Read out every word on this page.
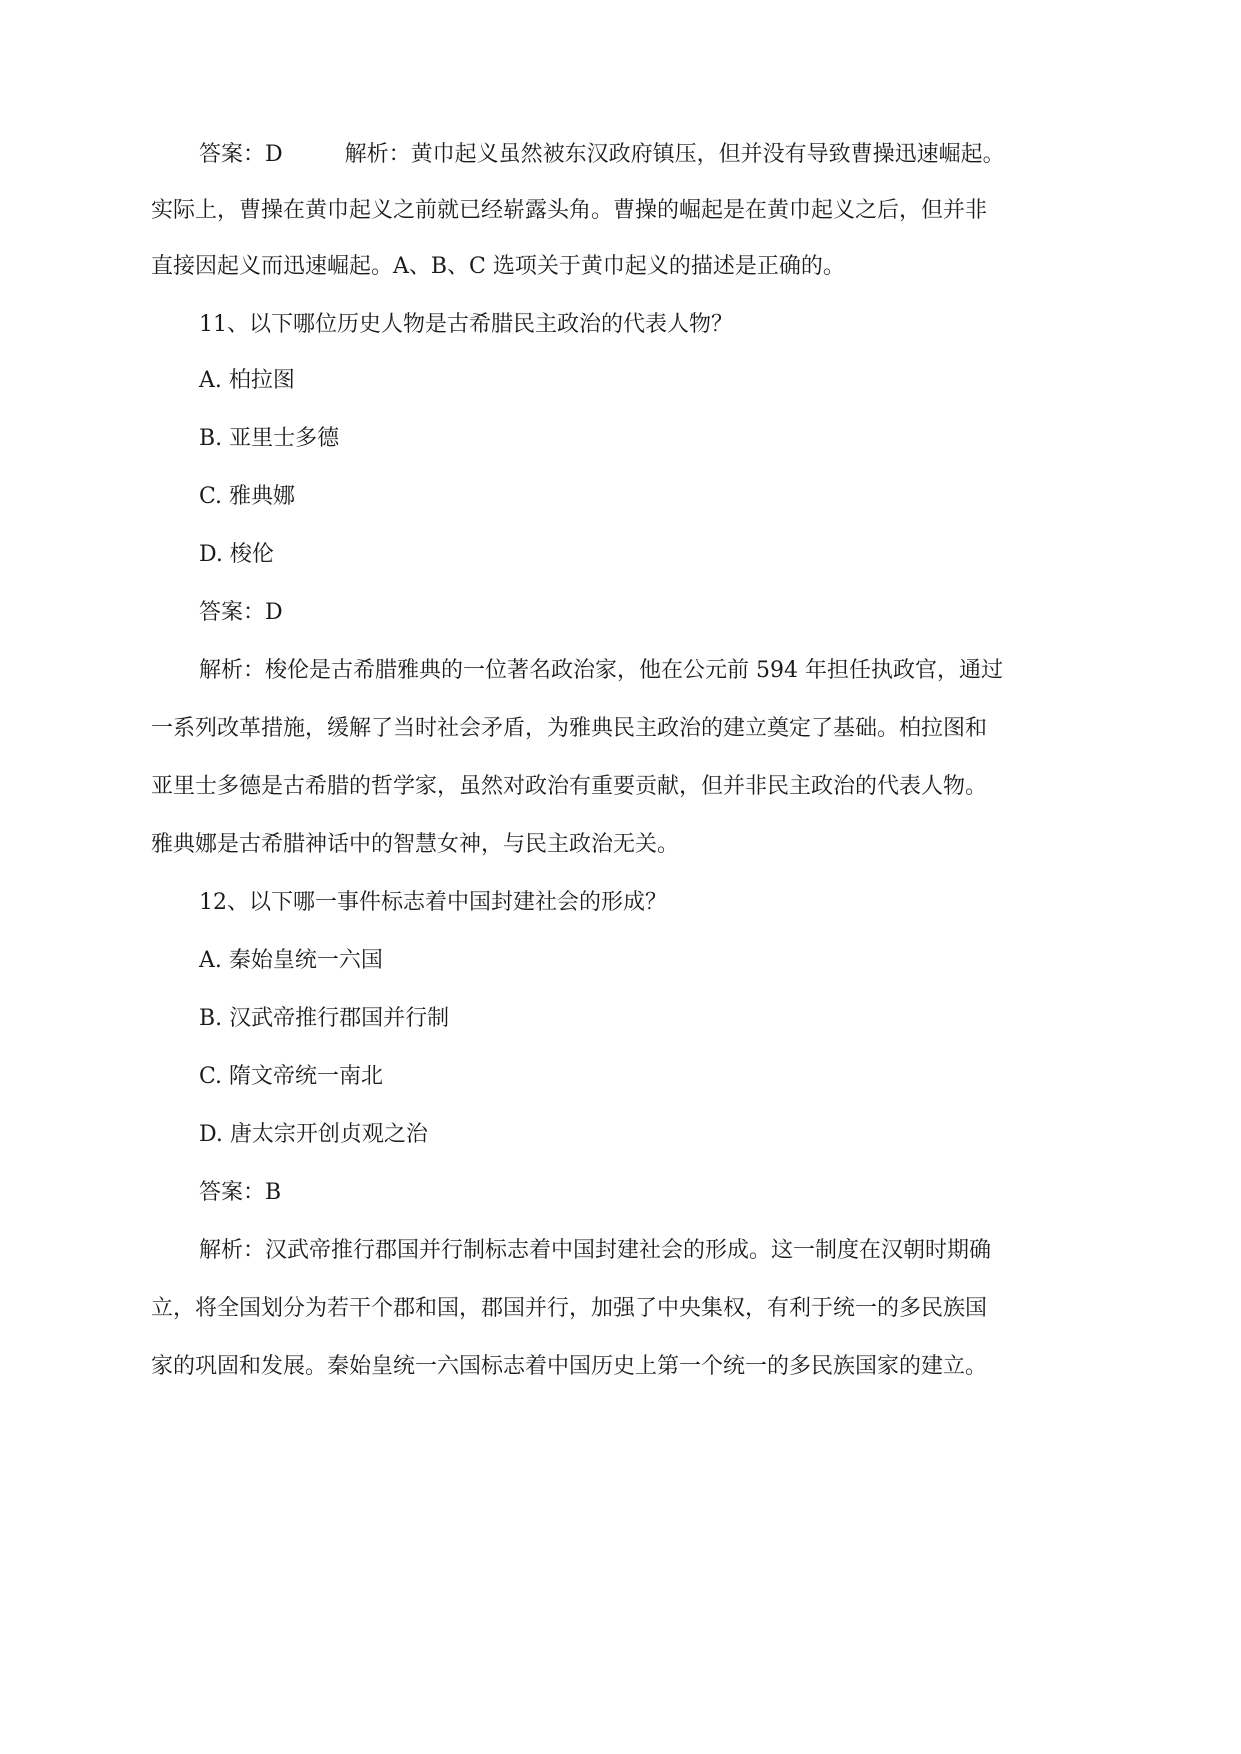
答案：D	解析：黄巾起义虽然被东汉政府镇压，但并没有导致曹操迅速崛起。
实际上，曹操在黄巾起义之前就已经崭露头角。曹操的崛起是在黄巾起义之后，但并非
直接因起义而迅速崛起。A、B、C 选项关于黄巾起义的描述是正确的。
11、以下哪位历史人物是古希腊民主政治的代表人物？
A. 柏拉图
B. 亚里士多德
C. 雅典娜
D. 梭伦
答案：D
解析：梭伦是古希腊雅典的一位著名政治家，他在公元前 594 年担任执政官，通过
一系列改革措施，缓解了当时社会矛盾，为雅典民主政治的建立奠定了基础。柏拉图和
亚里士多德是古希腊的哲学家，虽然对政治有重要贡献，但并非民主政治的代表人物。
雅典娜是古希腊神话中的智慧女神，与民主政治无关。
12、以下哪一事件标志着中国封建社会的形成？
A. 秦始皇统一六国
B. 汉武帝推行郡国并行制
C. 隋文帝统一南北
D. 唐太宗开创贞观之治
答案：B
解析：汉武帝推行郡国并行制标志着中国封建社会的形成。这一制度在汉朝时期确
立，将全国划分为若干个郡和国，郡国并行，加强了中央集权，有利于统一的多民族国
家的巩固和发展。秦始皇统一六国标志着中国历史上第一个统一的多民族国家的建立。
